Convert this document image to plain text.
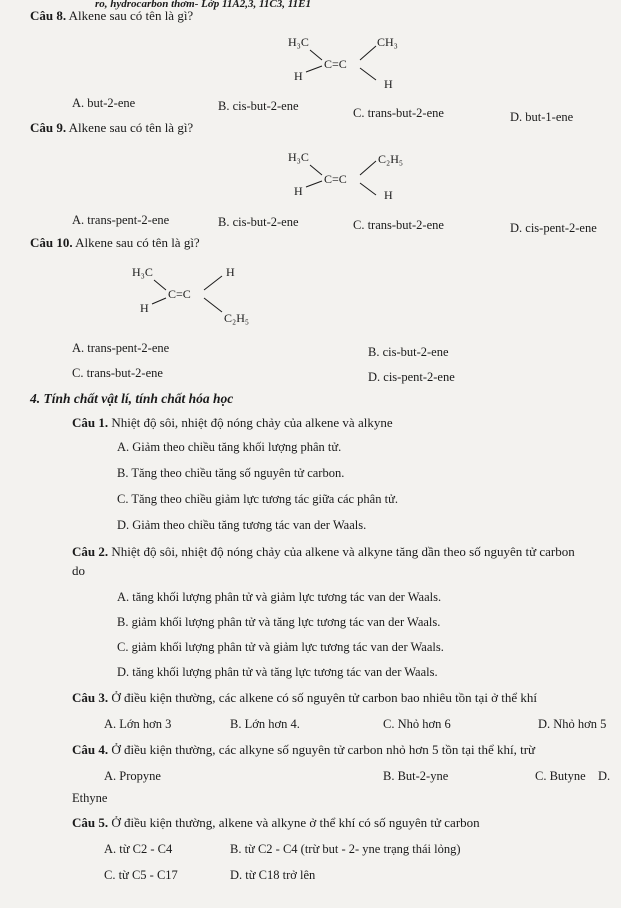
ro, hydrocarbon thơm- Lớp 11A2,3, 11C3, 11E1
Câu 8. Alkene sau có tên là gì?
H₃C	CH₃
H
H
C=C
A. but-2-ene	B. cis-but-2-ene	C. trans-but-2-ene	D. but-1-ene
Câu 9. Alkene sau có tên là gì?
H₃C	C₂H₅
H	H
C=C
A. trans-pent-2-ene	B. cis-but-2-ene	C. trans-but-2-ene	D. cis-pent-2-ene
Câu 10. Alkene sau có tên là gì?
H₃C	H
H
C₂H₅
C=C
A. trans-pent-2-ene	B. cis-but-2-ene
C. trans-but-2-ene	D. cis-pent-2-ene
4. Tính chất vật lí, tính chất hóa học
Câu 1. Nhiệt độ sôi, nhiệt độ nóng chảy của alkene và alkyne
A. Giảm theo chiều tăng khối lượng phân tử.
B. Tăng theo chiều tăng số nguyên tử carbon.
C. Tăng theo chiều giảm lực tương tác giữa các phân tử.
D. Giảm theo chiều tăng tương tác van der Waals.
Câu 2. Nhiệt độ sôi, nhiệt độ nóng chảy của alkene và alkyne tăng dần theo số nguyên tử carbon
do
A. tăng khối lượng phân tử và giảm lực tương tác van der Waals.
B. giảm khối lượng phân tử và tăng lực tương tác van der Waals.
C. giảm khối lượng phân tử và giảm lực tương tác van der Waals.
D. tăng khối lượng phân tử và tăng lực tương tác van der Waals.
Câu 3. Ở điều kiện thường, các alkene có số nguyên tử carbon bao nhiêu tồn tại ở thể khí
A. Lớn hơn 3	B. Lớn hơn 4.	C. Nhỏ hơn 6	D. Nhỏ hơn 5
Câu 4. Ở điều kiện thường, các alkyne số nguyên tử carbon nhỏ hơn 5 tồn tại thể khí, trừ
A. Propyne	B. But-2-yne	C. Butyne D.
Ethyne
Câu 5. Ở điều kiện thường, alkene và alkyne ở thể khí có số nguyên tử carbon
A. từ C2 - C4	B. từ C2 - C4 (trừ but - 2- yne trạng thái lỏng)
C. từ C5 - C17	D. từ C18 trở lên
